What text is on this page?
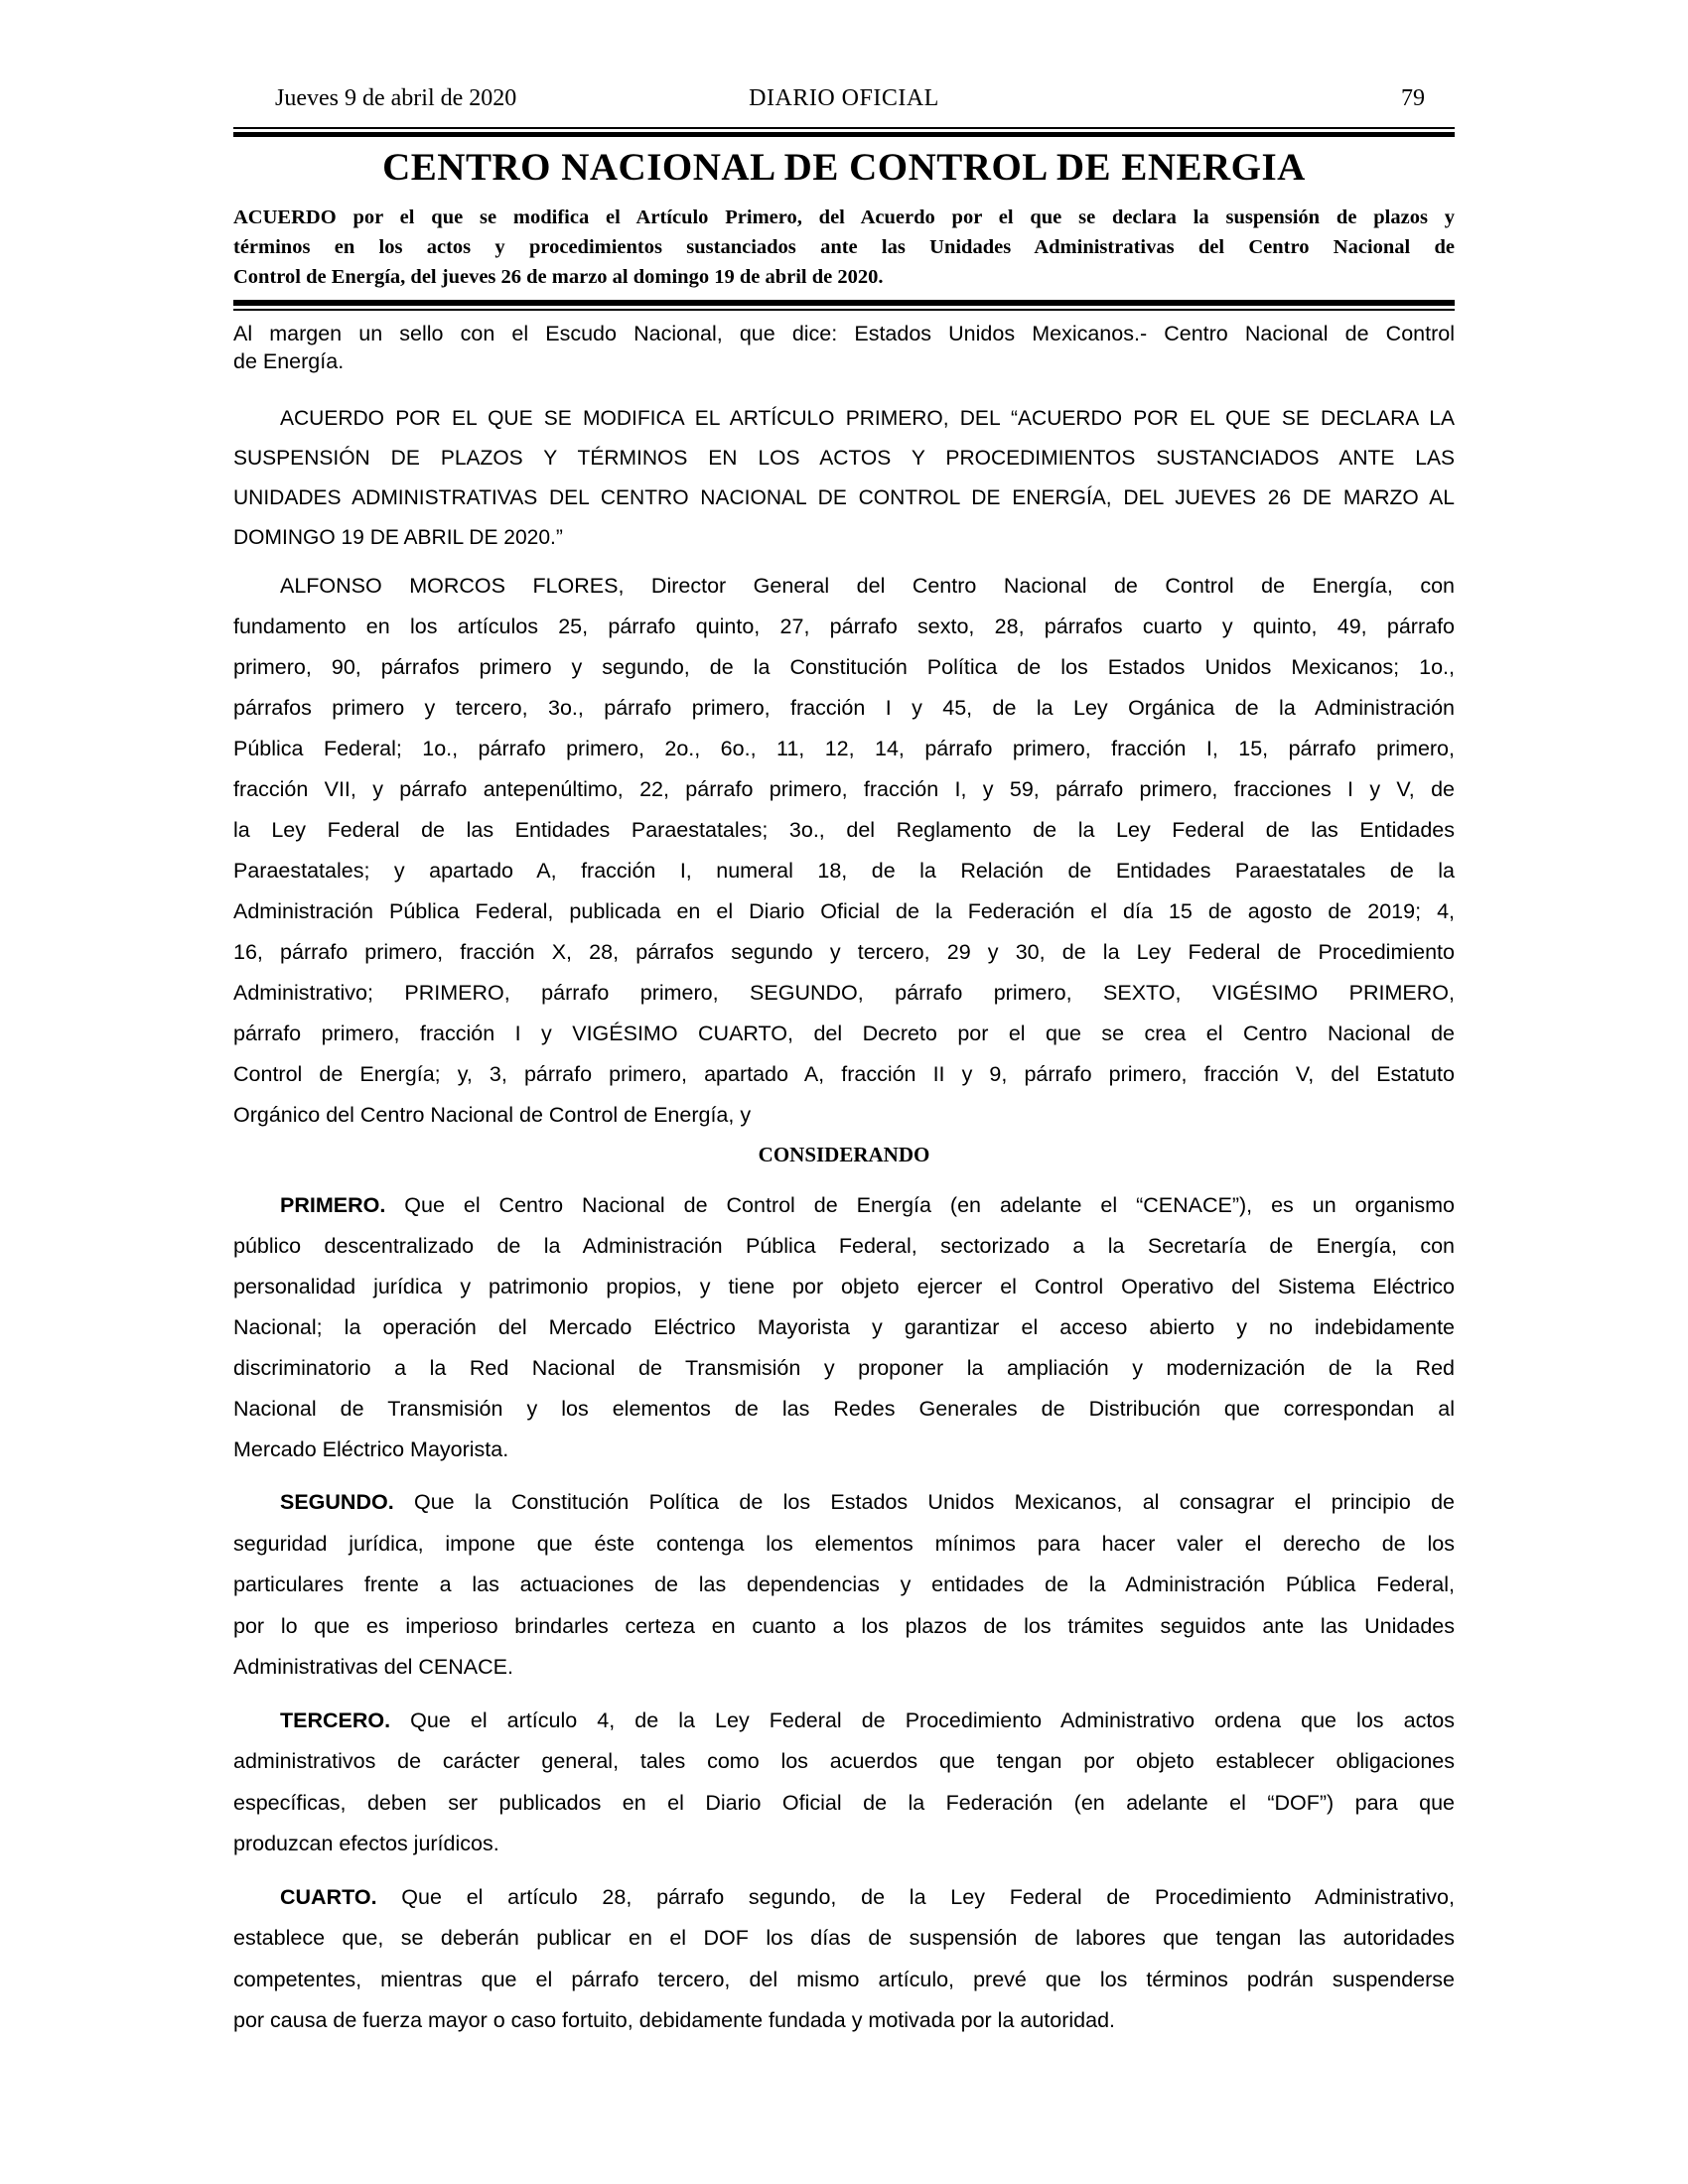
Jueves 9 de abril de 2020	DIARIO OFICIAL	79
CENTRO NACIONAL DE CONTROL DE ENERGIA
ACUERDO por el que se modifica el Artículo Primero, del Acuerdo por el que se declara la suspensión de plazos y
términos en los actos y procedimientos sustanciados ante las Unidades Administrativas del Centro Nacional de
Control de Energía, del jueves 26 de marzo al domingo 19 de abril de 2020.
Al margen un sello con el Escudo Nacional, que dice: Estados Unidos Mexicanos.- Centro Nacional de Control
de Energía.
ACUERDO POR EL QUE SE MODIFICA EL ARTÍCULO PRIMERO, DEL “ACUERDO POR EL QUE SE DECLARA LA
SUSPENSIÓN DE PLAZOS Y TÉRMINOS EN LOS ACTOS Y PROCEDIMIENTOS SUSTANCIADOS ANTE LAS
UNIDADES ADMINISTRATIVAS DEL CENTRO NACIONAL DE CONTROL DE ENERGÍA, DEL JUEVES 26 DE MARZO AL
DOMINGO 19 DE ABRIL DE 2020.”
ALFONSO MORCOS FLORES, Director General del Centro Nacional de Control de Energía, con
fundamento en los artículos 25, párrafo quinto, 27, párrafo sexto, 28, párrafos cuarto y quinto, 49, párrafo
primero, 90, párrafos primero y segundo, de la Constitución Política de los Estados Unidos Mexicanos; 1o.,
párrafos primero y tercero, 3o., párrafo primero, fracción I y 45, de la Ley Orgánica de la Administración
Pública Federal; 1o., párrafo primero, 2o., 6o., 11, 12, 14, párrafo primero, fracción I, 15, párrafo primero,
fracción VII, y párrafo antepenúltimo, 22, párrafo primero, fracción I, y 59, párrafo primero, fracciones I y V, de
la Ley Federal de las Entidades Paraestatales; 3o., del Reglamento de la Ley Federal de las Entidades
Paraestatales; y apartado A, fracción I, numeral 18, de la Relación de Entidades Paraestatales de la
Administración Pública Federal, publicada en el Diario Oficial de la Federación el día 15 de agosto de 2019; 4,
16, párrafo primero, fracción X, 28, párrafos segundo y tercero, 29 y 30, de la Ley Federal de Procedimiento
Administrativo; PRIMERO, párrafo primero, SEGUNDO, párrafo primero, SEXTO, VIGÉSIMO PRIMERO,
párrafo primero, fracción I y VIGÉSIMO CUARTO, del Decreto por el que se crea el Centro Nacional de
Control de Energía; y, 3, párrafo primero, apartado A, fracción II y 9, párrafo primero, fracción V, del Estatuto
Orgánico del Centro Nacional de Control de Energía, y
CONSIDERANDO
PRIMERO. Que el Centro Nacional de Control de Energía (en adelante el “CENACE”), es un organismo
público descentralizado de la Administración Pública Federal, sectorizado a la Secretaría de Energía, con
personalidad jurídica y patrimonio propios, y tiene por objeto ejercer el Control Operativo del Sistema Eléctrico
Nacional; la operación del Mercado Eléctrico Mayorista y garantizar el acceso abierto y no indebidamente
discriminatorio a la Red Nacional de Transmisión y proponer la ampliación y modernización de la Red
Nacional de Transmisión y los elementos de las Redes Generales de Distribución que correspondan al
Mercado Eléctrico Mayorista.
SEGUNDO. Que la Constitución Política de los Estados Unidos Mexicanos, al consagrar el principio de
seguridad jurídica, impone que éste contenga los elementos mínimos para hacer valer el derecho de los
particulares frente a las actuaciones de las dependencias y entidades de la Administración Pública Federal,
por lo que es imperioso brindarles certeza en cuanto a los plazos de los trámites seguidos ante las Unidades
Administrativas del CENACE.
TERCERO. Que el artículo 4, de la Ley Federal de Procedimiento Administrativo ordena que los actos
administrativos de carácter general, tales como los acuerdos que tengan por objeto establecer obligaciones
específicas, deben ser publicados en el Diario Oficial de la Federación (en adelante el “DOF”) para que
produzcan efectos jurídicos.
CUARTO. Que el artículo 28, párrafo segundo, de la Ley Federal de Procedimiento Administrativo,
establece que, se deberán publicar en el DOF los días de suspensión de labores que tengan las autoridades
competentes, mientras que el párrafo tercero, del mismo artículo, prevé que los términos podrán suspenderse
por causa de fuerza mayor o caso fortuito, debidamente fundada y motivada por la autoridad.
